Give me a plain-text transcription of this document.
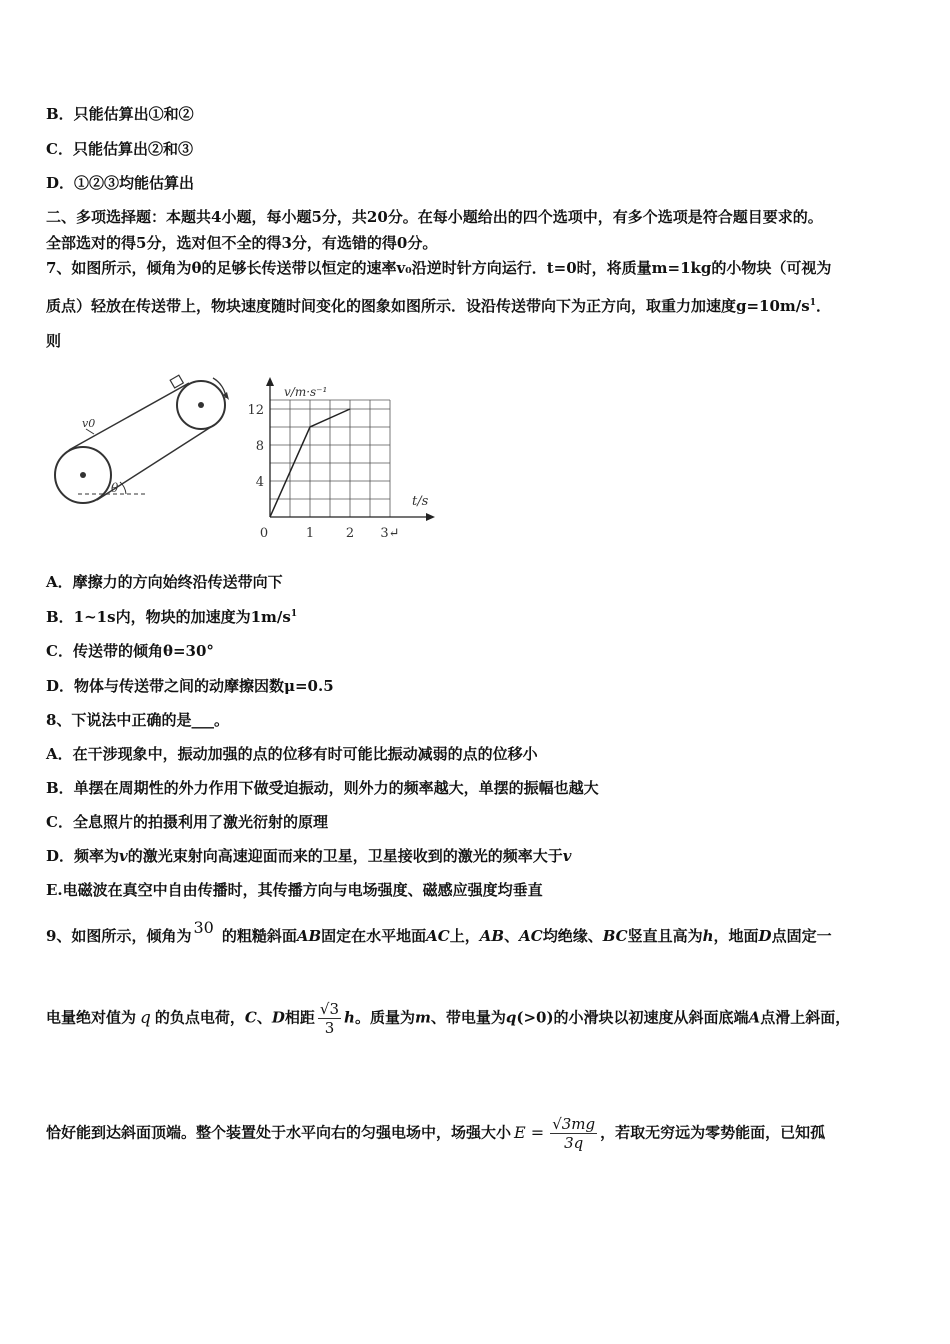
B．只能估算出①和②
C．只能估算出②和③
D．①②③均能估算出
二、多项选择题：本题共4小题，每小题5分，共20分。在每小题给出的四个选项中，有多个选项是符合题目要求的。
全部选对的得5分，选对但不全的得3分，有选错的得0分。
7、如图所示，倾角为θ的足够长传送带以恒定的速率v₀沿逆时针方向运行．t=0时，将质量m=1kg的小物块（可视为
质点）轻放在传送带上，物块速度随时间变化的图象如图所示．设沿传送带向下为正方向，取重力加速度$g=10m/s^1$．
则
v0
θ
12
8
4
0	1 2 3↵
v/m·s⁻¹
t/s
A．摩擦力的方向始终沿传送带向下
B．1~1s内，物块的加速度为$1m/s^1$
C．传送带的倾角θ=30°
D．物体与传送带之间的动摩擦因数μ=0.5
8、下说法中正确的是___。
A．在干涉现象中，振动加强的点的位移有时可能比振动减弱的点的位移小
B．单摆在周期性的外力作用下做受迫振动，则外力的频率越大，单摆的振幅也越大
C．全息照片的拍摄利用了激光衍射的原理
D．频率为v的激光束射向高速迎面而来的卫星，卫星接收到的激光的频率大于v
E.电磁波在真空中自由传播时，其传播方向与电场强度、磁感应强度均垂直
9、如图所示，倾角为 30 的粗糙斜面AB固定在水平地面AC上，AB、AC均绝缘、BC竖直且高为h，地面D点固定一
电量绝对值为 q 的负点电荷，C、D相距 $\frac{√3}{3}$ h。质量为m、带电量为q(>0)的小滑块以初速度从斜面底端A点滑上斜面，
恰好能到达斜面顶端。整个装置处于水平向右的匀强电场中，场强大小 $E = \frac{√3mg}{3q}$ ，若取无穷远为零势能面，已知孤
